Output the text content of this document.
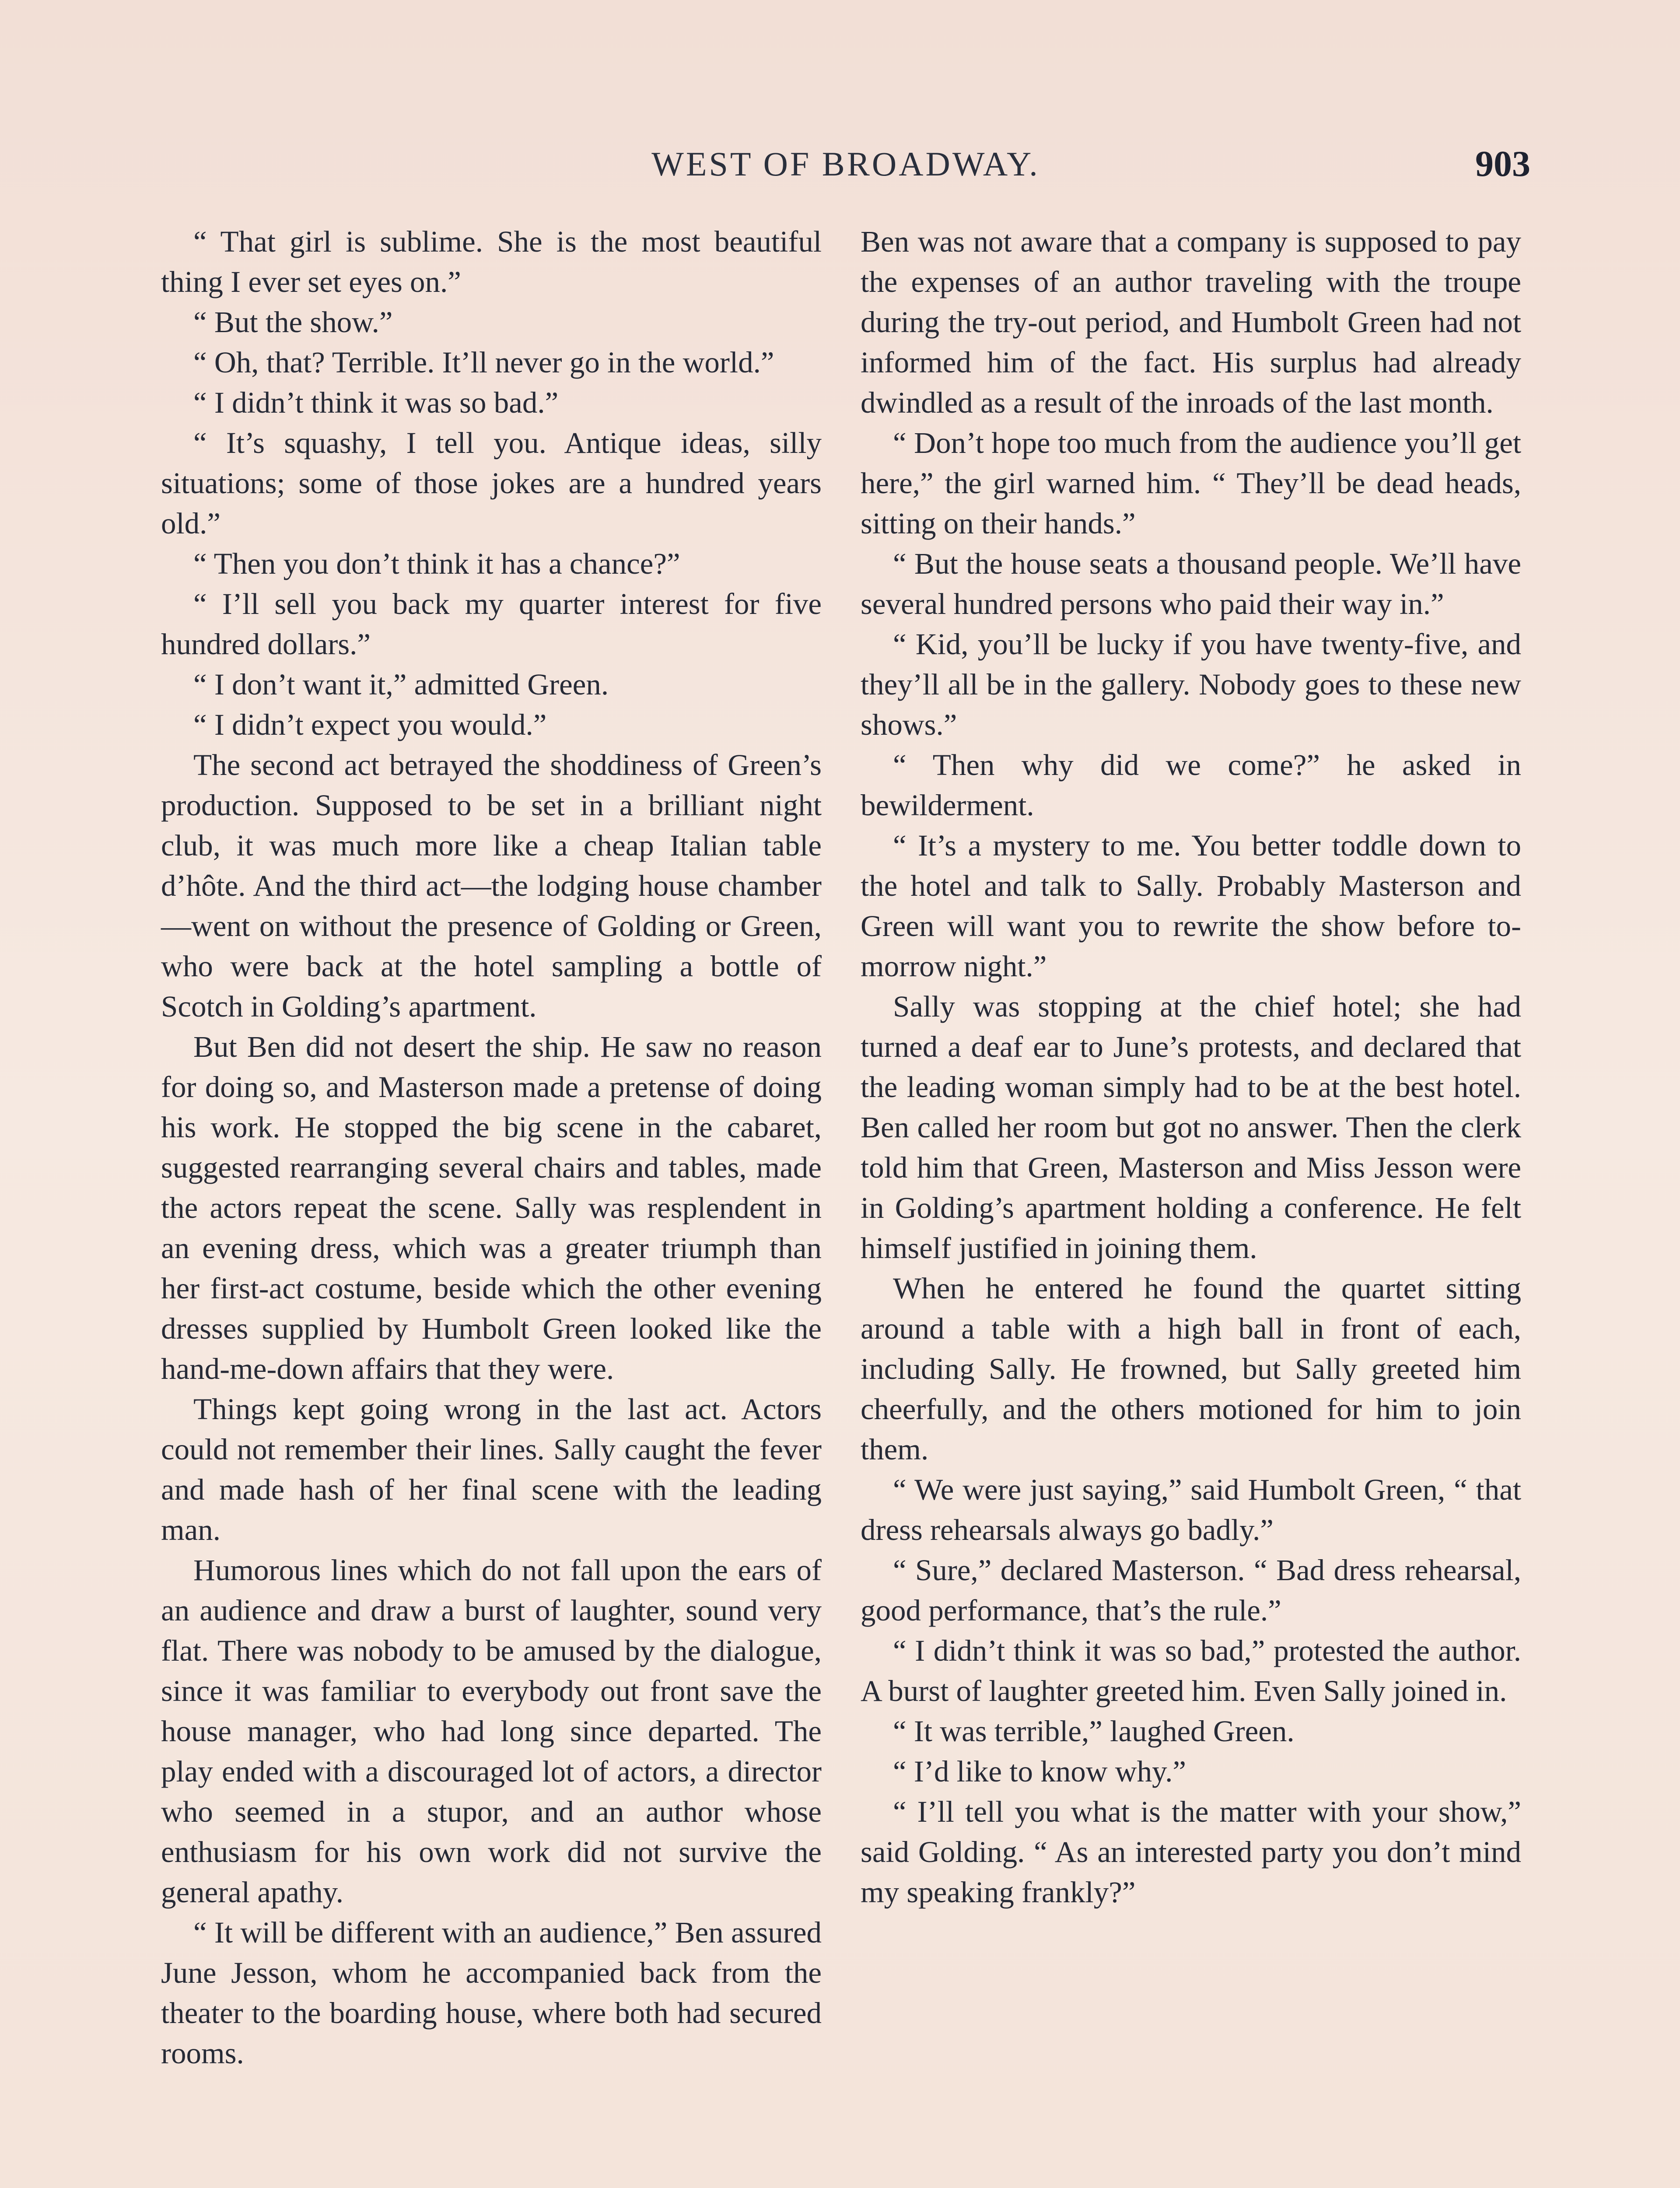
WEST OF BROADWAY.	903

“ That girl is sublime. She is the most beautiful thing I ever set eyes on.”

“ But the show.”

“ Oh, that? Terrible. It’ll never go in the world.”

“ I didn’t think it was so bad.”

“ It’s squashy, I tell you. Antique ideas, silly situations; some of those jokes are a hundred years old.”

“ Then you don’t think it has a chance?”

“ I’ll sell you back my quarter interest for five hundred dollars.”

“ I don’t want it,” admitted Green.

“ I didn’t expect you would.”

The second act betrayed the shoddiness of Green’s production. Supposed to be set in a brilliant night club, it was much more like a cheap Italian table d’hôte. And the third act—the lodging house chamber—went on without the presence of Golding or Green, who were back at the hotel sampling a bottle of Scotch in Golding’s apartment.

But Ben did not desert the ship. He saw no reason for doing so, and Masterson made a pretense of doing his work. He stopped the big scene in the cabaret, suggested rearranging several chairs and tables, made the actors repeat the scene. Sally was resplendent in an evening dress, which was a greater triumph than her first-act costume, beside which the other evening dresses supplied by Humbolt Green looked like the hand-me-down affairs that they were.

Things kept going wrong in the last act. Actors could not remember their lines. Sally caught the fever and made hash of her final scene with the leading man.

Humorous lines which do not fall upon the ears of an audience and draw a burst of laughter, sound very flat. There was nobody to be amused by the dialogue, since it was familiar to everybody out front save the house manager, who had long since departed. The play ended with a discouraged lot of actors, a director who seemed in a stupor, and an author whose enthusiasm for his own work did not survive the general apathy.

“ It will be different with an audience,” Ben assured June Jesson, whom he accompanied back from the theater to the boarding house, where both had secured rooms.

Ben was not aware that a company is supposed to pay the expenses of an author traveling with the troupe during the try-out period, and Humbolt Green had not informed him of the fact. His surplus had already dwindled as a result of the inroads of the last month.

“ Don’t hope too much from the audience you’ll get here,” the girl warned him. “ They’ll be dead heads, sitting on their hands.”

“ But the house seats a thousand people. We’ll have several hundred persons who paid their way in.”

“ Kid, you’ll be lucky if you have twenty-five, and they’ll all be in the gallery. Nobody goes to these new shows.”

“ Then why did we come?” he asked in bewilderment.

“ It’s a mystery to me. You better toddle down to the hotel and talk to Sally. Probably Masterson and Green will want you to rewrite the show before to-morrow night.”

Sally was stopping at the chief hotel; she had turned a deaf ear to June’s protests, and declared that the leading woman simply had to be at the best hotel. Ben called her room but got no answer. Then the clerk told him that Green, Masterson and Miss Jesson were in Golding’s apartment holding a conference. He felt himself justified in joining them.

When he entered he found the quartet sitting around a table with a high ball in front of each, including Sally. He frowned, but Sally greeted him cheerfully, and the others motioned for him to join them.

“ We were just saying,” said Humbolt Green, “ that dress rehearsals always go badly.”

“ Sure,” declared Masterson. “ Bad dress rehearsal, good performance, that’s the rule.”

“ I didn’t think it was so bad,” protested the author. A burst of laughter greeted him. Even Sally joined in.

“ It was terrible,” laughed Green.

“ I’d like to know why.”

“ I’ll tell you what is the matter with your show,” said Golding. “ As an interested party you don’t mind my speaking frankly?”
